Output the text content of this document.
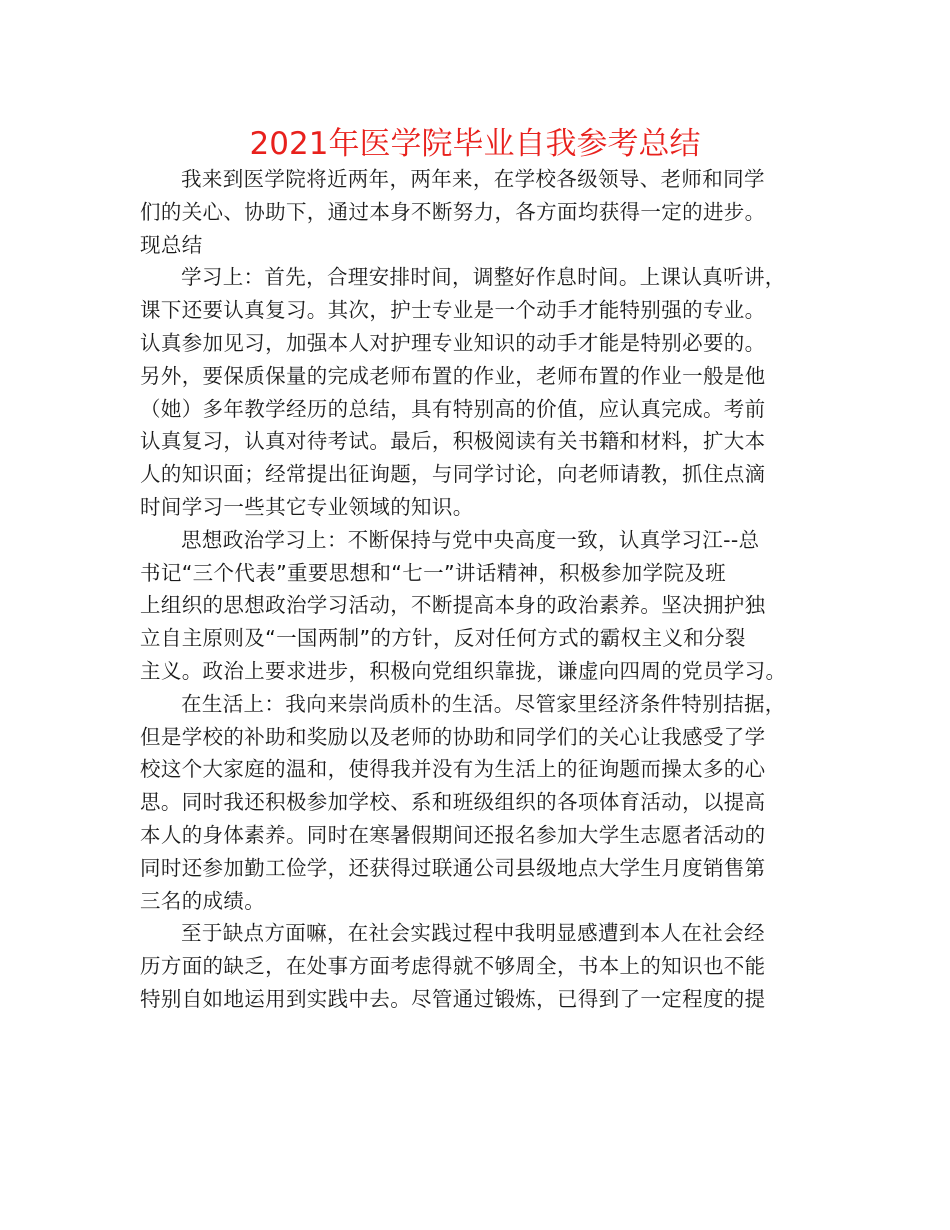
2021年医学院毕业自我参考总结
我来到医学院将近两年，两年来，在学校各级领导、老师和同学
们的关心、协助下，通过本身不断努力，各方面均获得一定的进步。
现总结
学习上：首先，合理安排时间，调整好作息时间。上课认真听讲，
课下还要认真复习。其次，护士专业是一个动手才能特别强的专业。
认真参加见习，加强本人对护理专业知识的动手才能是特别必要的。
另外，要保质保量的完成老师布置的作业，老师布置的作业一般是他
（她）多年教学经历的总结，具有特别高的价值，应认真完成。考前
认真复习，认真对待考试。最后，积极阅读有关书籍和材料，扩大本
人的知识面；经常提出征询题，与同学讨论，向老师请教，抓住点滴
时间学习一些其它专业领域的知识。
思想政治学习上：不断保持与党中央高度一致，认真学习江--总
书记“三个代表”重要思想和“七一”讲话精神，积极参加学院及班
上组织的思想政治学习活动，不断提高本身的政治素养。坚决拥护独
立自主原则及“一国两制”的方针，反对任何方式的霸权主义和分裂
主义。政治上要求进步，积极向党组织靠拢，谦虚向四周的党员学习。
在生活上：我向来崇尚质朴的生活。尽管家里经济条件特别拮据，
但是学校的补助和奖励以及老师的协助和同学们的关心让我感受了学
校这个大家庭的温和，使得我并没有为生活上的征询题而操太多的心
思。同时我还积极参加学校、系和班级组织的各项体育活动，以提高
本人的身体素养。同时在寒暑假期间还报名参加大学生志愿者活动的
同时还参加勤工俭学，还获得过联通公司县级地点大学生月度销售第
三名的成绩。
至于缺点方面嘛，在社会实践过程中我明显感遭到本人在社会经
历方面的缺乏，在处事方面考虑得就不够周全，书本上的知识也不能
特别自如地运用到实践中去。尽管通过锻炼，已得到了一定程度的提
